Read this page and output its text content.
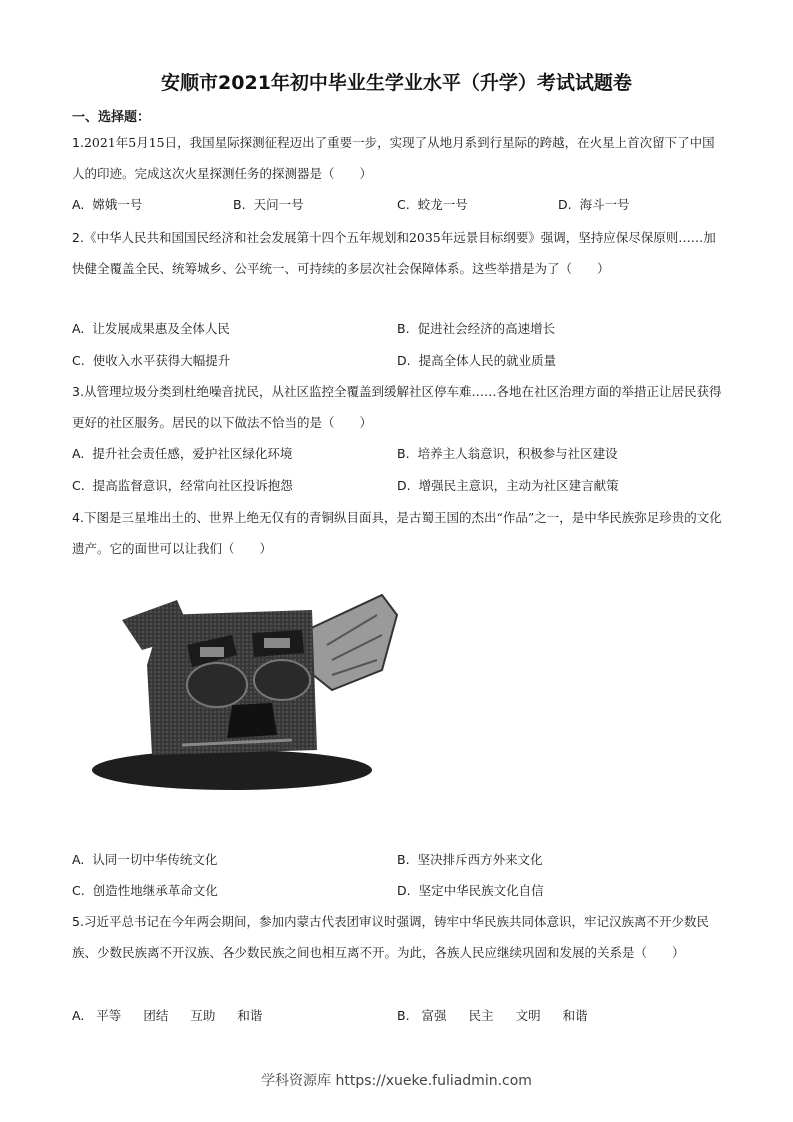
安顺市2021年初中毕业生学业水平（升学）考试试题卷
一、选择题：
1.2021年5月15日，我国星际探测征程迈出了重要一步，实现了从地月系到行星际的跨越，在火星上首次留下了中国人的印迹。完成这次火星探测任务的探测器是（　　）
A. 嫦娥一号	B. 天问一号	C. 蛟龙一号	D. 海斗一号
2.《中华人民共和国国民经济和社会发展第十四个五年规划和2035年远景目标纲要》强调，坚持应保尽保原则……加快健全覆盖全民、统筹城乡、公平统一、可持续的多层次社会保障体系。这些举措是为了（　　）
A. 让发展成果惠及全体人民	B. 促进社会经济的高速增长
C. 使收入水平获得大幅提升	D. 提高全体人民的就业质量
3.从管理垃圾分类到杜绝噪音扰民，从社区监控全覆盖到缓解社区停车难……各地在社区治理方面的举措正让居民获得更好的社区服务。居民的以下做法不恰当的是（　　）
A. 提升社会责任感，爱护社区绿化环境	B. 培养主人翁意识，积极参与社区建设
C. 提高监督意识，经常向社区投诉抱怨	D. 增强民主意识，主动为社区建言献策
4.下图是三星堆出土的、世界上绝无仅有的青铜纵目面具，是古蜀王国的杰出“作品”之一，是中华民族弥足珍贵的文化遗产。它的面世可以让我们（　　）
A. 认同一切中华传统文化	B. 坚决排斥西方外来文化
C. 创造性地继承革命文化	D. 坚定中华民族文化自信
5.习近平总书记在今年两会期间，参加内蒙古代表团审议时强调，铸牢中华民族共同体意识，牢记汉族离不开少数民族、少数民族离不开汉族、各少数民族之间也相互离不开。为此，各族人民应继续巩固和发展的关系是（　　）
A. 平等 团结 互助 和谐	B. 富强 民主 文明 和谐
学科资源库 https://xueke.fuliadmin.com
